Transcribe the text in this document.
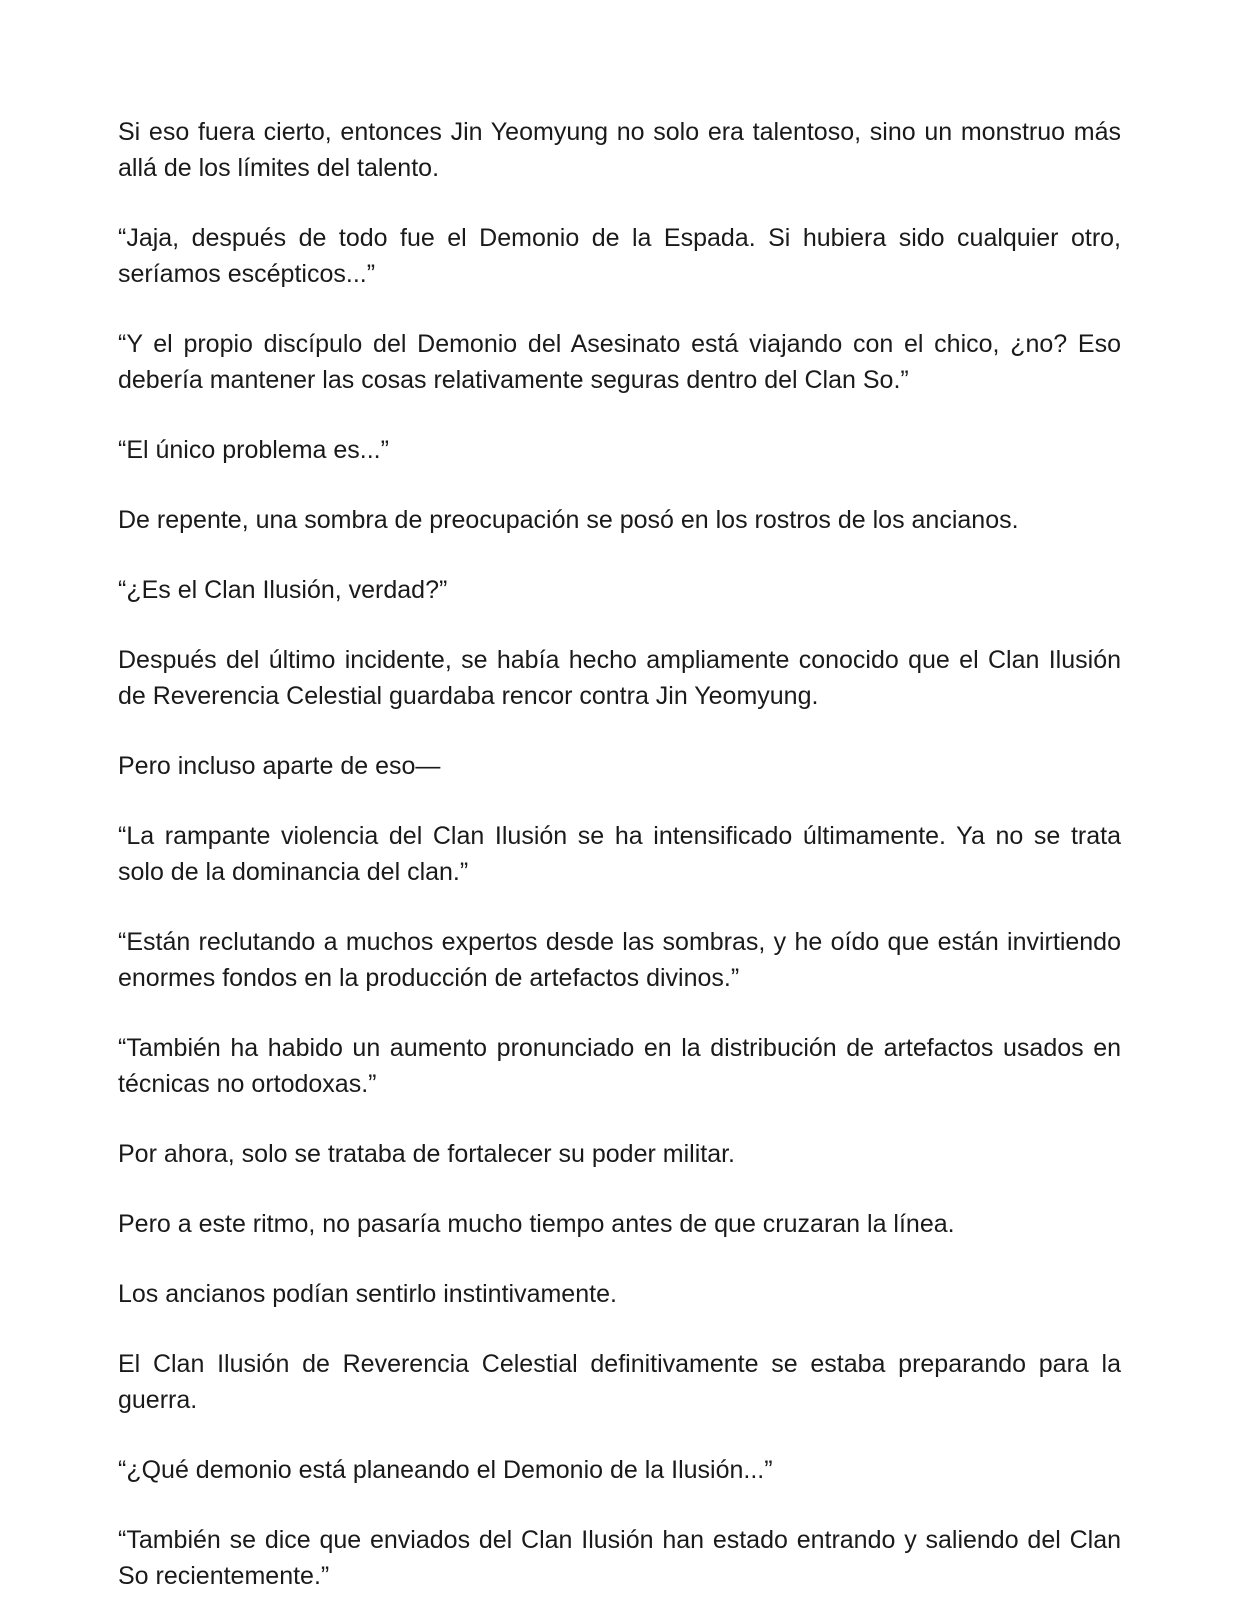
Si eso fuera cierto, entonces Jin Yeomyung no solo era talentoso, sino un monstruo más allá de los límites del talento.

“Jaja, después de todo fue el Demonio de la Espada. Si hubiera sido cualquier otro, seríamos escépticos...”

“Y el propio discípulo del Demonio del Asesinato está viajando con el chico, ¿no? Eso debería mantener las cosas relativamente seguras dentro del Clan So.”

“El único problema es...”

De repente, una sombra de preocupación se posó en los rostros de los ancianos.

“¿Es el Clan Ilusión, verdad?”

Después del último incidente, se había hecho ampliamente conocido que el Clan Ilusión de Reverencia Celestial guardaba rencor contra Jin Yeomyung.

Pero incluso aparte de eso—

“La rampante violencia del Clan Ilusión se ha intensificado últimamente. Ya no se trata solo de la dominancia del clan.”

“Están reclutando a muchos expertos desde las sombras, y he oído que están invirtiendo enormes fondos en la producción de artefactos divinos.”

“También ha habido un aumento pronunciado en la distribución de artefactos usados en técnicas no ortodoxas.”

Por ahora, solo se trataba de fortalecer su poder militar.

Pero a este ritmo, no pasaría mucho tiempo antes de que cruzaran la línea.

Los ancianos podían sentirlo instintivamente.

El Clan Ilusión de Reverencia Celestial definitivamente se estaba preparando para la guerra.

“¿Qué demonio está planeando el Demonio de la Ilusión...”

“También se dice que enviados del Clan Ilusión han estado entrando y saliendo del Clan So recientemente.”
